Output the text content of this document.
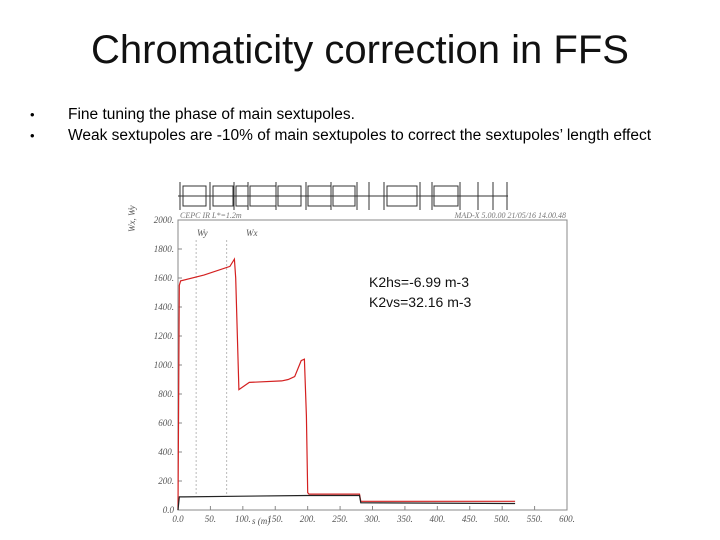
Chromaticity correction in FFS
•	Fine tuning the phase of main sextupoles.
•	Weak sextupoles are -10% of main sextupoles to correct the sextupoles’ length effect
CEPC IR L*=1.2m	MAD-X 5.00.00 21/05/16 14.00.48
Wx, Wy
s (m)
0.0
200.
400.
600.
800.
1000.
1200.
1400.
1600.
1800.
2000.
0.0 50. 100. 150. 200. 250. 300. 350. 400. 450. 500. 550. 600.
Wy	Wx
K2hs=-6.99 m-3
K2vs=32.16 m-3
